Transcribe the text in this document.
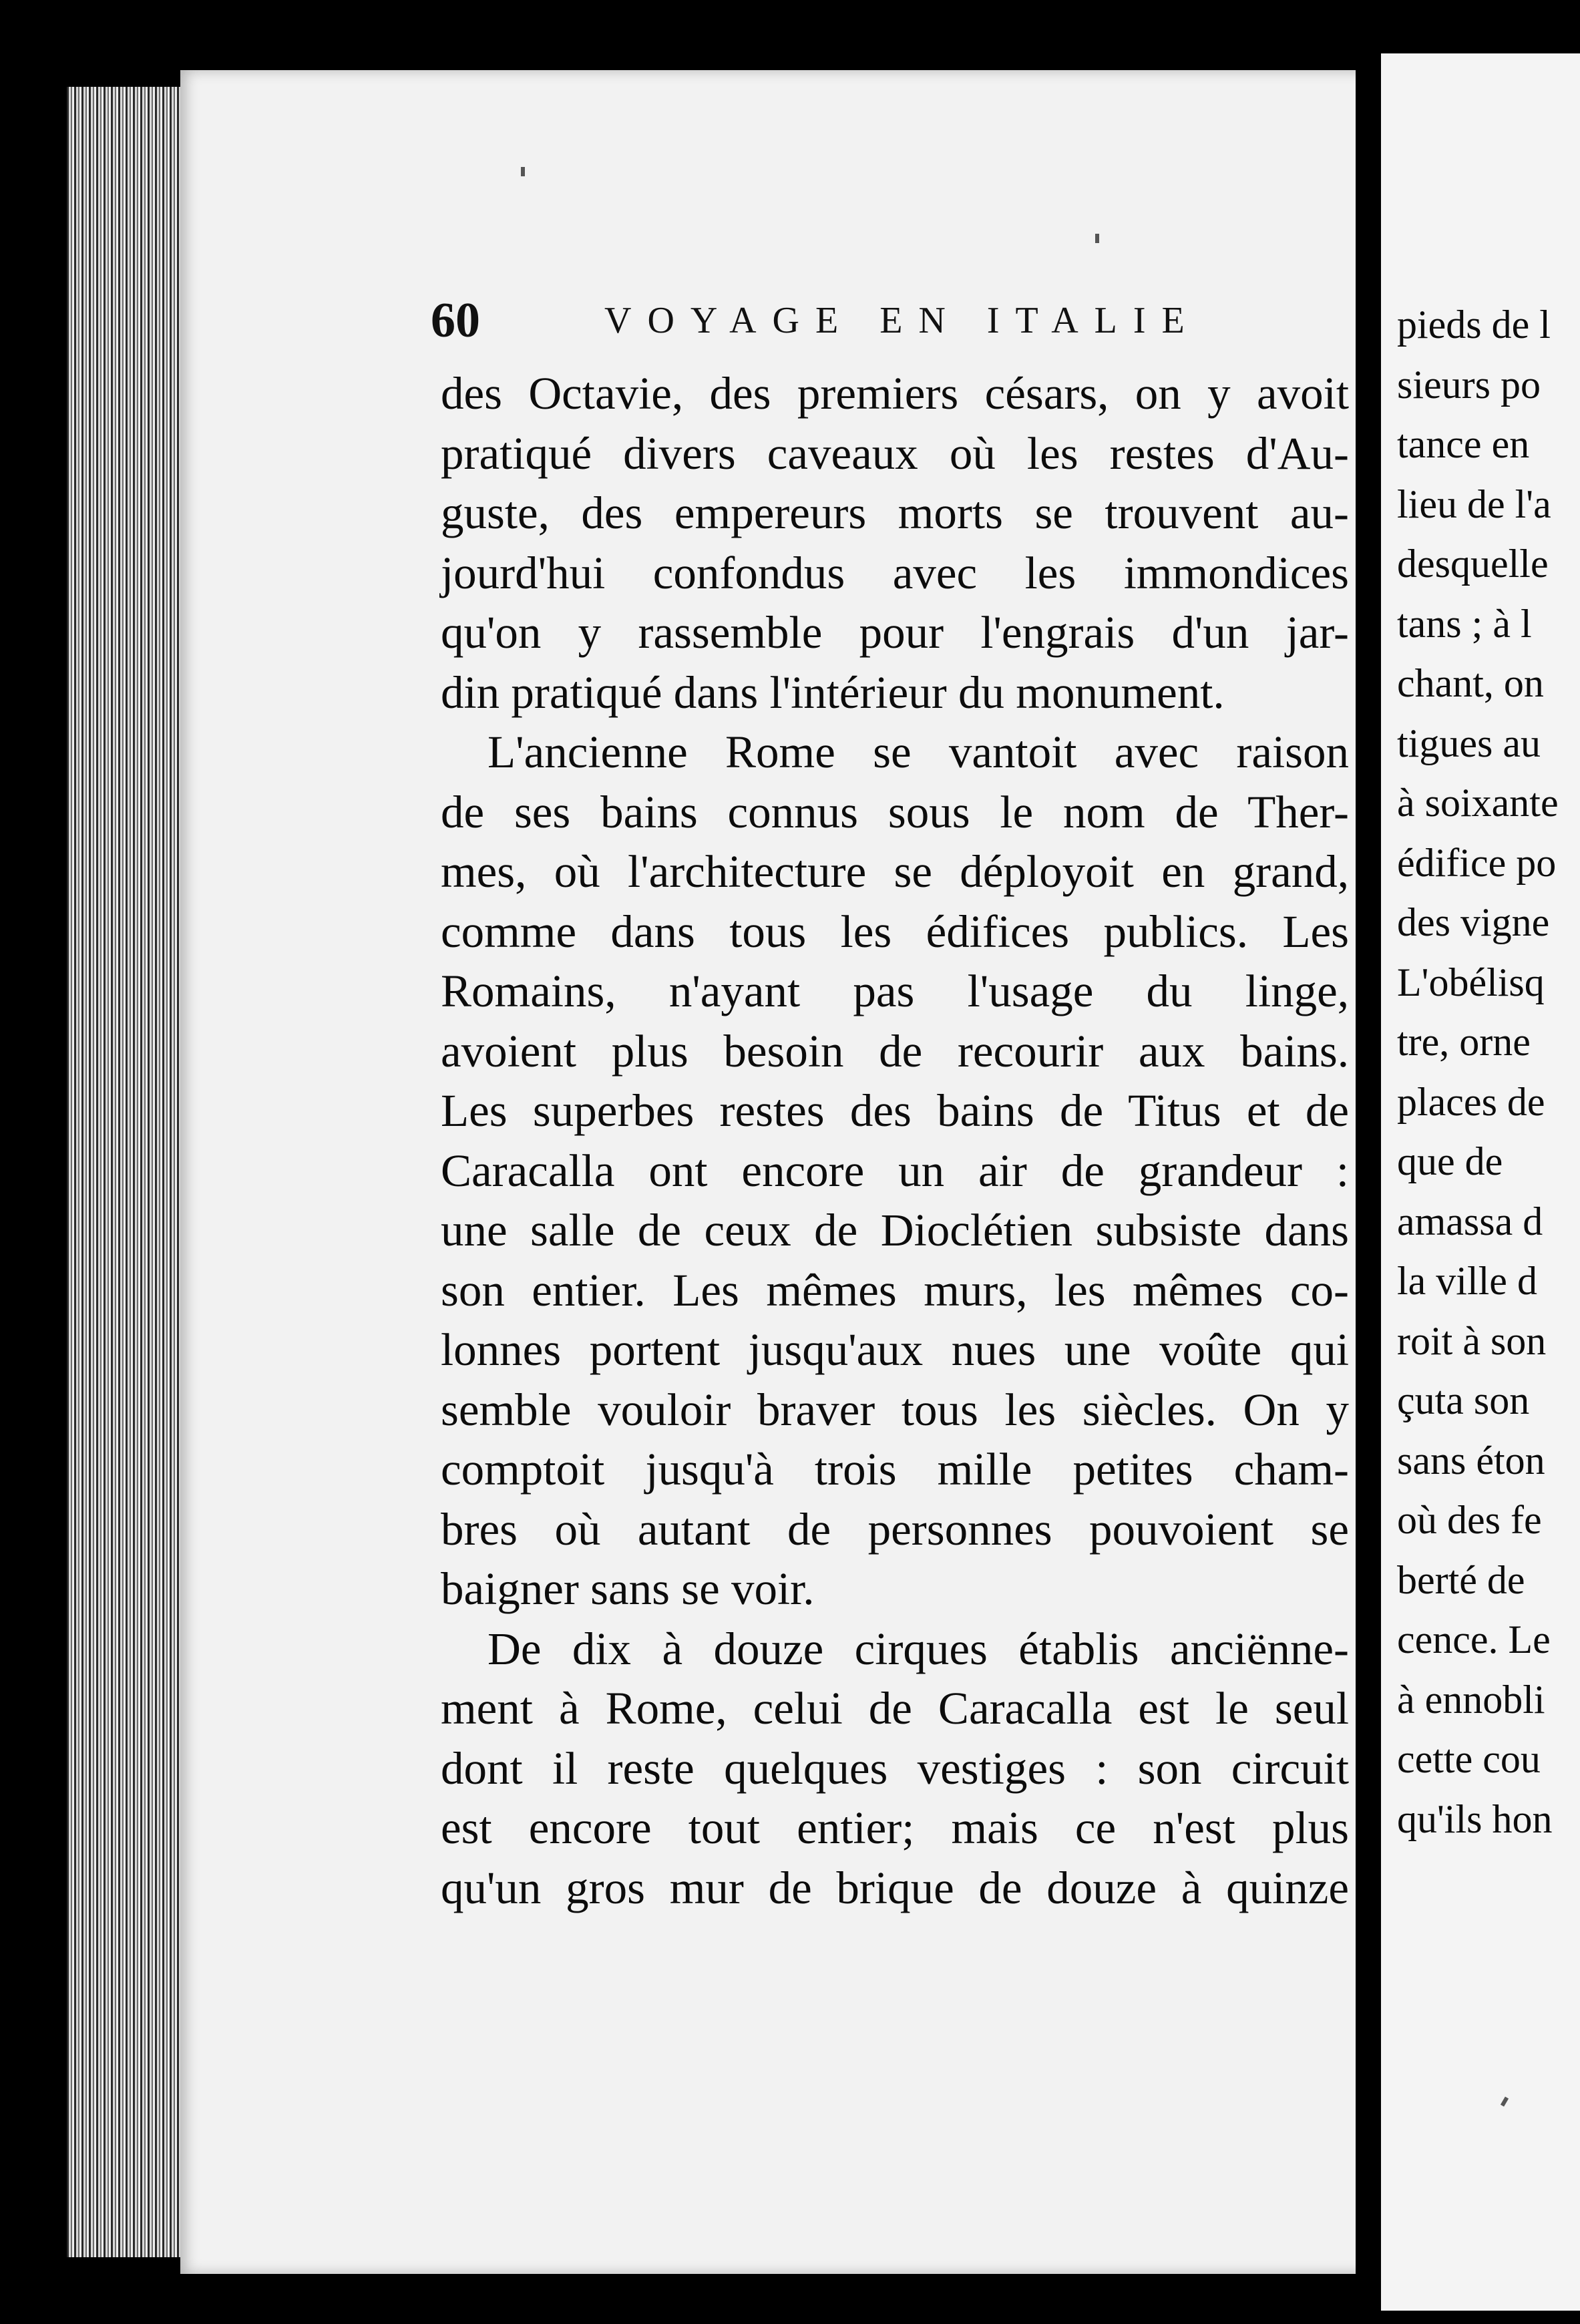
60	VOYAGE EN ITALIE
des Octavie, des premiers césars, on y avoit
pratiqué divers caveaux où les restes d'Au-
guste, des empereurs morts se trouvent au-
jourd'hui confondus avec les immondices
qu'on y rassemble pour l'engrais d'un jar-
din pratiqué dans l'intérieur du monument.
L'ancienne Rome se vantoit avec raison
de ses bains connus sous le nom de Ther-
mes, où l'architecture se déployoit en grand,
comme dans tous les édifices publics. Les
Romains, n'ayant pas l'usage du linge,
avoient plus besoin de recourir aux bains.
Les superbes restes des bains de Titus et de
Caracalla ont encore un air de grandeur :
une salle de ceux de Dioclétien subsiste dans
son entier. Les mêmes murs, les mêmes co-
lonnes portent jusqu'aux nues une voûte qui
semble vouloir braver tous les siècles. On y
comptoit jusqu'à trois mille petites cham-
bres où autant de personnes pouvoient se
baigner sans se voir.
De dix à douze cirques établis anciënne-
ment à Rome, celui de Caracalla est le seul
dont il reste quelques vestiges : son circuit
est encore tout entier; mais ce n'est plus
qu'un gros mur de brique de douze à quinze
pieds de l
sieurs po
tance en
lieu de l'a
desquelle
tans ; à l
chant, on
tigues au
à soixante
édifice po
des vigne
L'obélisq
tre, orne
places de
que de
amassa d
la ville d
roit à son
çuta son
sans éton
où des fe
berté de
cence. Le
à ennobli
cette cou
qu'ils hon
